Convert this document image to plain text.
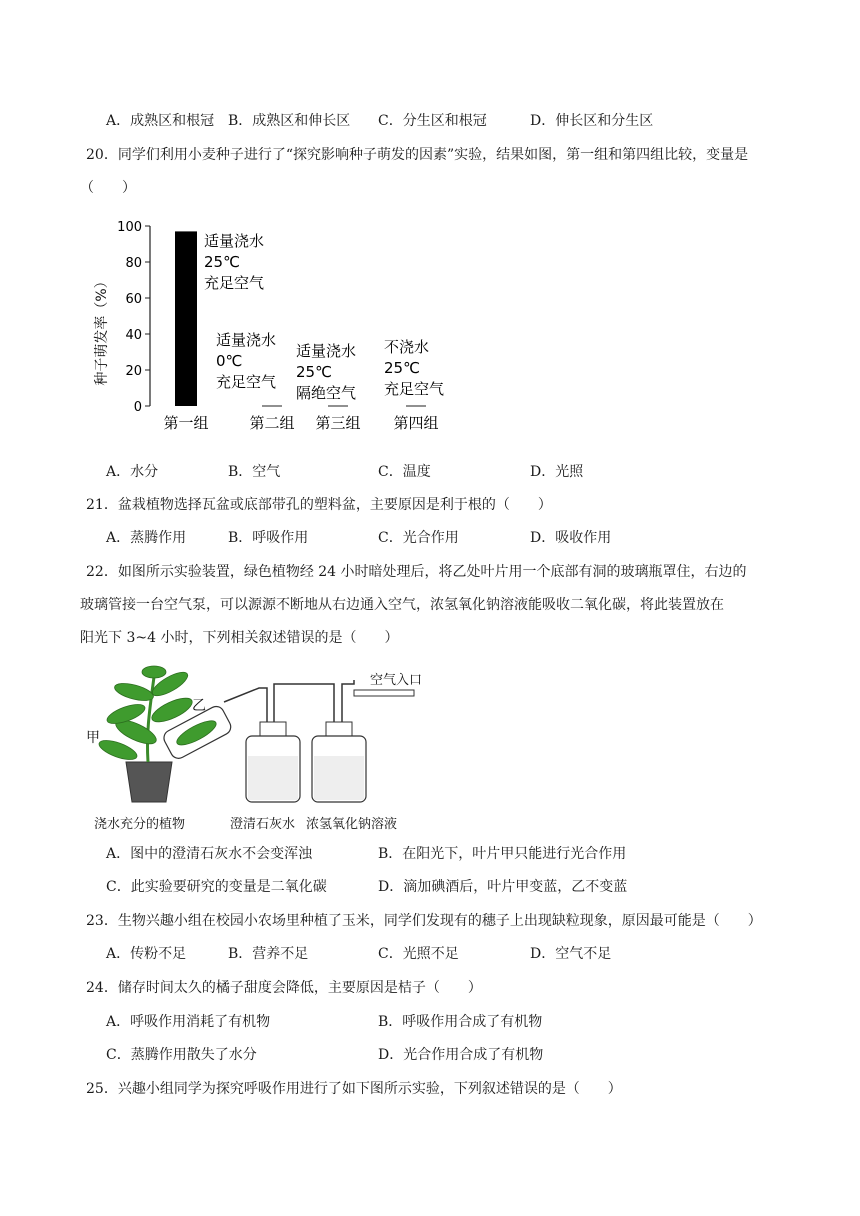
A．成熟区和根冠 B．成熟区和伸长区 C．分生区和根冠	D．伸长区和分生区
20．同学们利用小麦种子进行了“探究影响种子萌发的因素”实验，结果如图，第一组和第四组比较，变量是
（　　）
种子萌发率（%）
0
20
40
60
80
100
适量浇水
25℃
充足空气
适量浇水
0℃
充足空气
适量浇水
25℃
隔绝空气
不浇水
25℃
充足空气
第一组	第二组 第三组 第四组
A．水分	B．空气	C．温度	D．光照
21．盆栽植物选择瓦盆或底部带孔的塑料盆，主要原因是利于根的（　　）
A．蒸腾作用	B．呼吸作用	C．光合作用	D．吸收作用
22．如图所示实验装置，绿色植物经 24 小时暗处理后，将乙处叶片用一个底部有洞的玻璃瓶罩住，右边的
玻璃管接一台空气泵，可以源源不断地从右边通入空气，浓氢氧化钠溶液能吸收二氧化碳，将此装置放在
阳光下 3~4 小时，下列相关叙述错误的是（　　）
乙
甲
空气入口
浇水充分的植物	澄清石灰水 浓氢氧化钠溶液
A．图中的澄清石灰水不会变浑浊	B．在阳光下，叶片甲只能进行光合作用
C．此实验要研究的变量是二氧化碳	D．滴加碘酒后，叶片甲变蓝，乙不变蓝
23．生物兴趣小组在校园小农场里种植了玉米，同学们发现有的穗子上出现缺粒现象，原因最可能是（　　）
A．传粉不足	B．营养不足	C．光照不足	D．空气不足
24．储存时间太久的橘子甜度会降低，主要原因是桔子（　　）
A．呼吸作用消耗了有机物	B．呼吸作用合成了有机物
C．蒸腾作用散失了水分	D．光合作用合成了有机物
25．兴趣小组同学为探究呼吸作用进行了如下图所示实验，下列叙述错误的是（　　）
